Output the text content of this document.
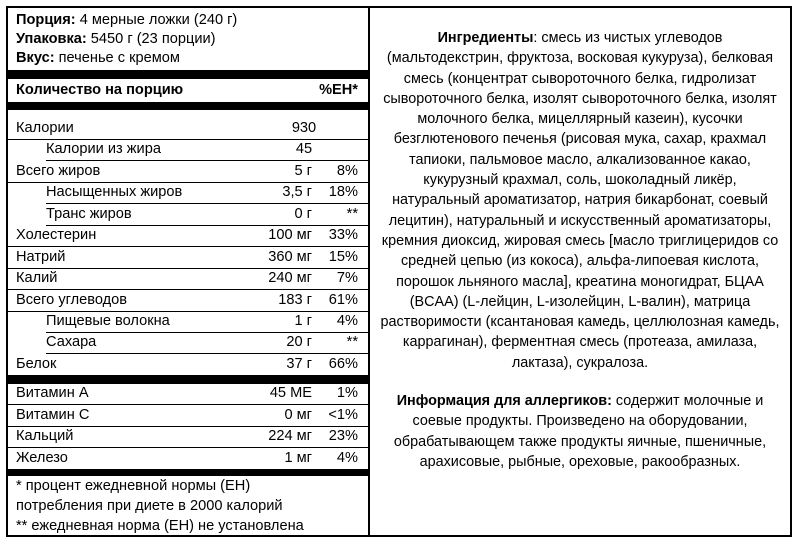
Порция: 4 мерные ложки (240 г)
Упаковка: 5450 г (23 порции)
Вкус: печенье с кремом
Количество на порцию	%ЕН*
Калории	930
Калории из жира	45
Всего жиров	5 г 8%
Насыщенных жиров	3,5 г 18%
Транс жиров	0 г **
Холестерин	100 мг 33%
Натрий	360 мг 15%
Калий	240 мг 7%
Всего углеводов	183 г 61%
Пищевые волокна	1 г 4%
Сахара	20 г **
Белок	37 г 66%
Витамин А	45 МЕ 1%
Витамин С	0 мг <1%
Кальций	224 мг 23%
Железо	1 мг 4%
* процент ежедневной нормы (ЕН)
потребления при диете в 2000 калорий
** ежедневная норма (ЕН) не установлена
Ингредиенты: смесь из чистых углеводов (мальтодекстрин, фруктоза, восковая кукуруза), белковая смесь (концентрат сывороточного белка, гидролизат сывороточного белка, изолят сывороточного белка, изолят молочного белка, мицеллярный казеин), кусочки безглютенового печенья (рисовая мука, сахар, крахмал тапиоки, пальмовое масло, алкализованное какао, кукурузный крахмал, соль, шоколадный ликёр, натуральный ароматизатор, натрия бикарбонат, соевый лецитин), натуральный и искусственный ароматизаторы, кремния диоксид, жировая смесь [масло триглицеридов со средней цепью (из кокоса), альфа-липоевая кислота, порошок льняного масла], креатина моногидрат, БЦАА (BCAA) (L-лейцин, L-изолейцин, L-валин), матрица растворимости (ксантановая камедь, целлюлозная камедь, каррагинан), ферментная смесь (протеаза, амилаза, лактаза), сукралоза.
Информация для аллергиков: содержит молочные и соевые продукты. Произведено на оборудовании, обрабатывающем также продукты яичные, пшеничные, арахисовые, рыбные, ореховые, ракообразных.
